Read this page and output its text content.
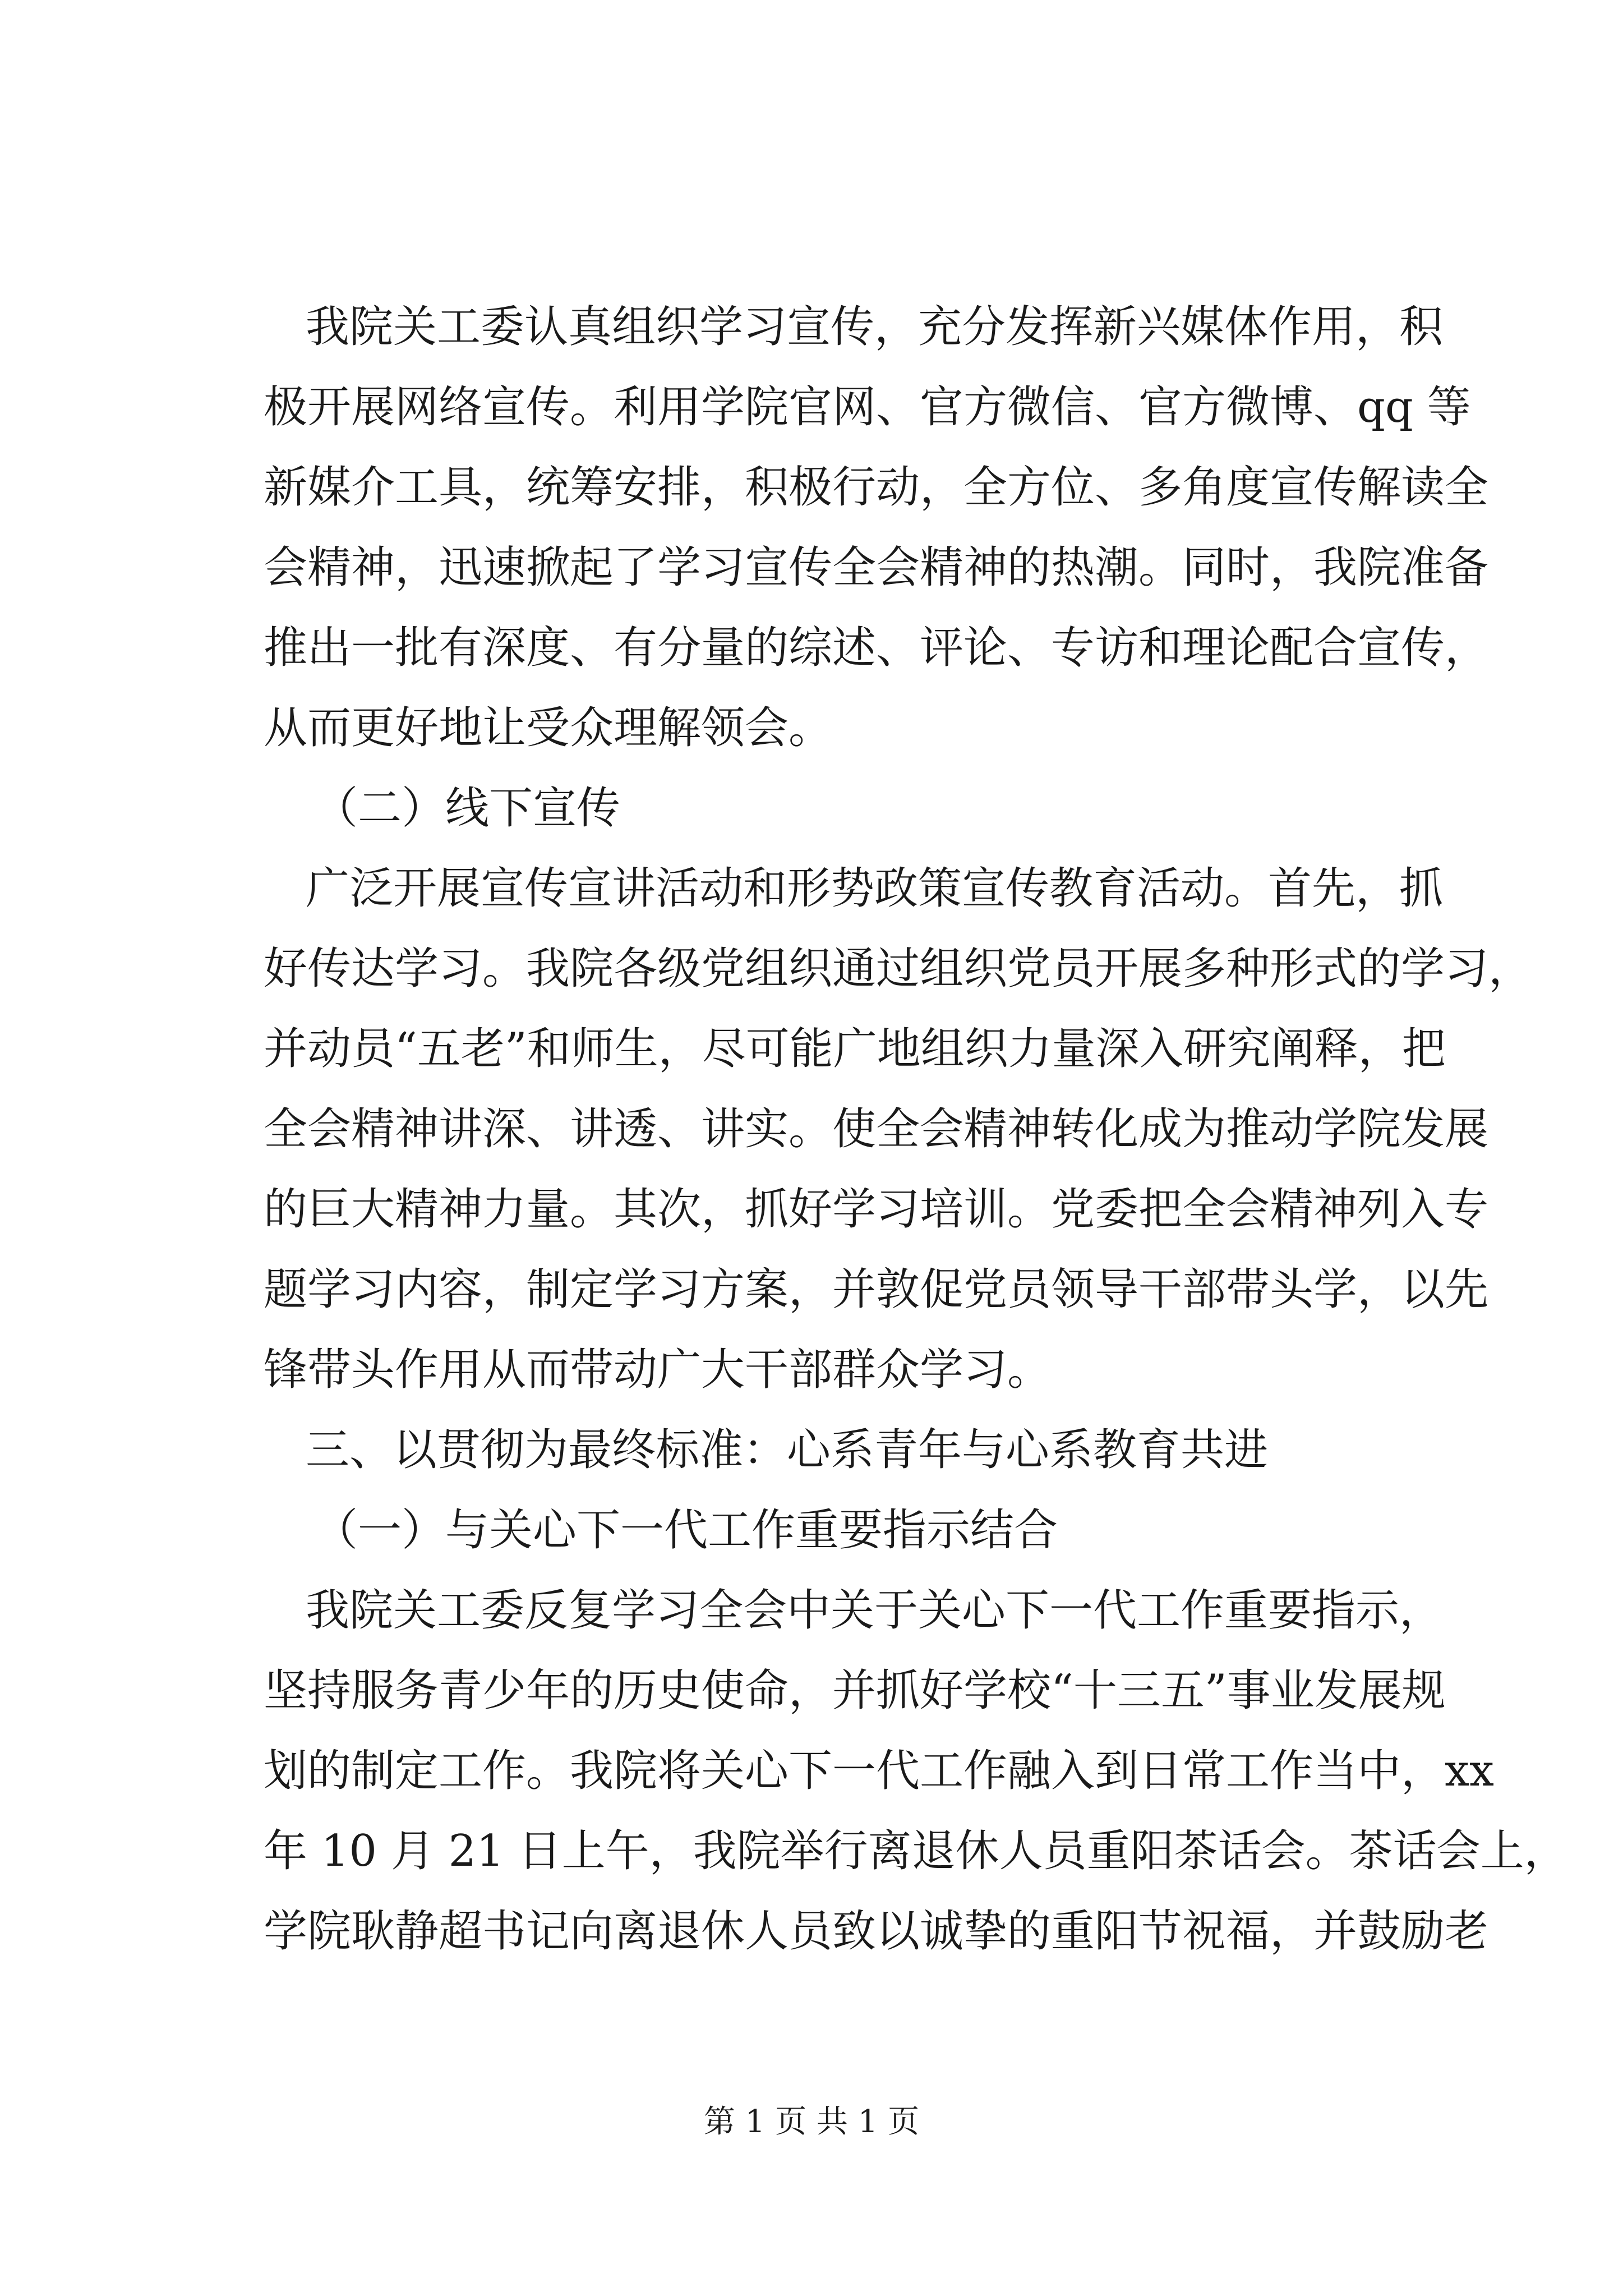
我院关工委认真组织学习宣传，充分发挥新兴媒体作用，积
极开展网络宣传。利用学院官网、官方微信、官方微博、qq 等
新媒介工具，统筹安排，积极行动，全方位、多角度宣传解读全
会精神，迅速掀起了学习宣传全会精神的热潮。同时，我院准备
推出一批有深度、有分量的综述、评论、专访和理论配合宣传，
从而更好地让受众理解领会。
（二）线下宣传
广泛开展宣传宣讲活动和形势政策宣传教育活动。首先，抓
好传达学习。我院各级党组织通过组织党员开展多种形式的学习，
并动员“五老”和师生，尽可能广地组织力量深入研究阐释，把
全会精神讲深、讲透、讲实。使全会精神转化成为推动学院发展
的巨大精神力量。其次，抓好学习培训。党委把全会精神列入专
题学习内容，制定学习方案，并敦促党员领导干部带头学，以先
锋带头作用从而带动广大干部群众学习。
三、以贯彻为最终标准：心系青年与心系教育共进
（一）与关心下一代工作重要指示结合
我院关工委反复学习全会中关于关心下一代工作重要指示，
坚持服务青少年的历史使命，并抓好学校“十三五”事业发展规
划的制定工作。我院将关心下一代工作融入到日常工作当中，xx
年 10 月 21 日上午，我院举行离退休人员重阳茶话会。茶话会上，
学院耿静超书记向离退休人员致以诚挚的重阳节祝福，并鼓励老
第 1 页 共 1 页
